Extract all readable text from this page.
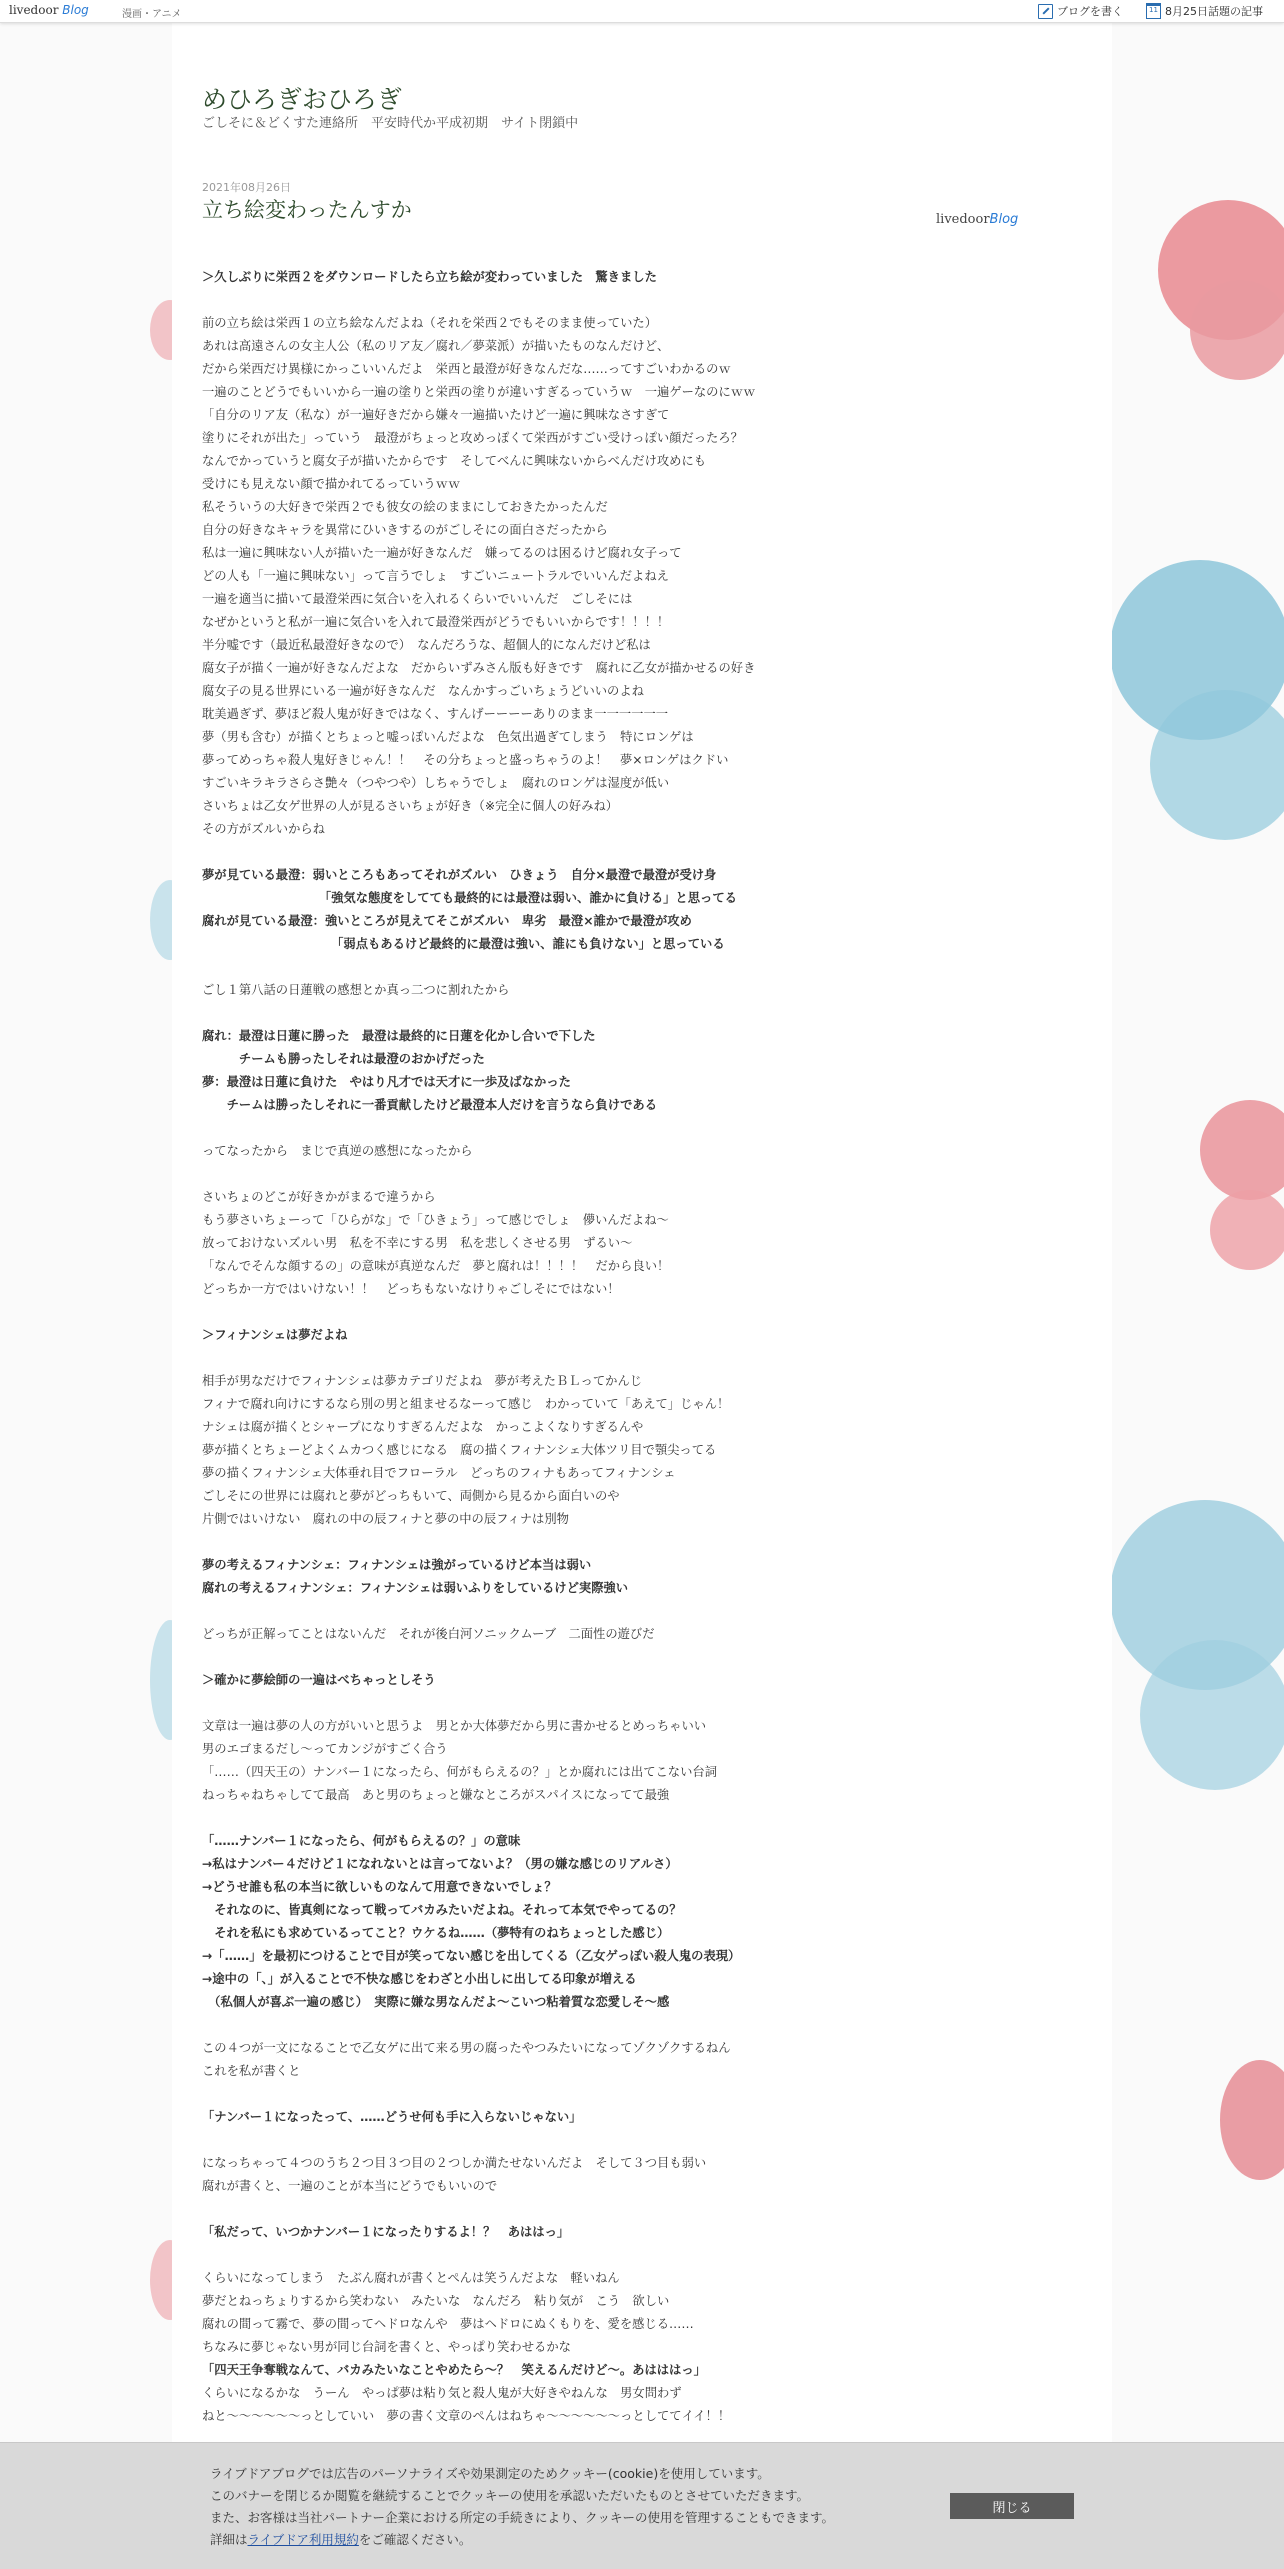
livedoor Blog	漫画・アニメ	ブログを書く	11 8月25日話題の記事
めひろぎおひろぎ
ごしそに＆どくすた連絡所　平安時代か平成初期　サイト閉鎖中
2021年08月26日
立ち絵変わったんすか	livedoorBlog
＞久しぶりに栄西２をダウンロードしたら立ち絵が変わっていました　驚きました
前の立ち絵は栄西１の立ち絵なんだよね（それを栄西２でもそのまま使っていた）
あれは高遠さんの女主人公（私のリア友／腐れ／夢菜派）が描いたものなんだけど、
だから栄西だけ異様にかっこいいんだよ　栄西と最澄が好きなんだな……ってすごいわかるのｗ
一遍のことどうでもいいから一遍の塗りと栄西の塗りが違いすぎるっていうｗ　一遍ゲーなのにｗｗ
「自分のリア友（私な）が一遍好きだから嫌々一遍描いたけど一遍に興味なさすぎて
塗りにそれが出た」っていう　最澄がちょっと攻めっぽくて栄西がすごい受けっぽい顔だったろ？
なんでかっていうと腐女子が描いたからです　そしてべんに興味ないからべんだけ攻めにも
受けにも見えない顔で描かれてるっていうｗｗ
私そういうの大好きで栄西２でも彼女の絵のままにしておきたかったんだ
自分の好きなキャラを異常にひいきするのがごしそにの面白さだったから
私は一遍に興味ない人が描いた一遍が好きなんだ　嫌ってるのは困るけど腐れ女子って
どの人も「一遍に興味ない」って言うでしょ　すごいニュートラルでいいんだよねえ
一遍を適当に描いて最澄栄西に気合いを入れるくらいでいいんだ　ごしそには
なぜかというと私が一遍に気合いを入れて最澄栄西がどうでもいいからです！！！！
半分嘘です（最近私最澄好きなので）　なんだろうな、超個人的になんだけど私は
腐女子が描く一遍が好きなんだよな　だからいずみさん版も好きです　腐れに乙女が描かせるの好き
腐女子の見る世界にいる一遍が好きなんだ　なんかすっごいちょうどいいのよね
耽美過ぎず、夢ほど殺人鬼が好きではなく、すんげーーーーありのまま一一一一一一
夢（男も含む）が描くとちょっと嘘っぽいんだよな　色気出過ぎてしまう　特にロンゲは
夢ってめっちゃ殺人鬼好きじゃん！！　その分ちょっと盛っちゃうのよ！　夢×ロンゲはクドい
すごいキラキラさらさ艶々（つやつや）しちゃうでしょ　腐れのロンゲは湿度が低い
さいちょは乙女ゲ世界の人が見るさいちょが好き（※完全に個人の好みね）
その方がズルいからね
夢が見ている最澄：弱いところもあってそれがズルい　ひきょう　自分×最澄で最澄が受け身
　　　　　　　　　　「強気な態度をしてても最終的には最澄は弱い、誰かに負ける」と思ってる
腐れが見ている最澄：強いところが見えてそこがズルい　卑劣　最澄×誰かで最澄が攻め
　　　　　　　　　　　「弱点もあるけど最終的に最澄は強い、誰にも負けない」と思っている
ごし１第八話の日蓮戦の感想とか真っ二つに割れたから
腐れ：最澄は日蓮に勝った　最澄は最終的に日蓮を化かし合いで下した
　　　チームも勝ったしそれは最澄のおかげだった
夢：最澄は日蓮に負けた　やはり凡才では天才に一歩及ばなかった
　　チームは勝ったしそれに一番貢献したけど最澄本人だけを言うなら負けである
ってなったから　まじで真逆の感想になったから
さいちょのどこが好きかがまるで違うから
もう夢さいちょーって「ひらがな」で「ひきょう」って感じでしょ　儚いんだよね～
放っておけないズルい男　私を不幸にする男　私を悲しくさせる男　ずるい～
「なんでそんな顔するの」の意味が真逆なんだ　夢と腐れは！！！！　だから良い！
どっちか一方ではいけない！！　どっちもないなけりゃごしそにではない！
＞フィナンシェは夢だよね
相手が男なだけでフィナンシェは夢カテゴリだよね　夢が考えたＢＬってかんじ
フィナで腐れ向けにするなら別の男と組ませるなーって感じ　わかっていて「あえて」じゃん！
ナシェは腐が描くとシャープになりすぎるんだよな　かっこよくなりすぎるんや
夢が描くとちょーどよくムカつく感じになる　腐の描くフィナンシェ大体ツリ目で顎尖ってる
夢の描くフィナンシェ大体垂れ目でフローラル　どっちのフィナもあってフィナンシェ
ごしそにの世界には腐れと夢がどっちもいて、両側から見るから面白いのや
片側ではいけない　腐れの中の辰フィナと夢の中の辰フィナは別物
夢の考えるフィナンシェ：フィナンシェは強がっているけど本当は弱い
腐れの考えるフィナンシェ：フィナンシェは弱いふりをしているけど実際強い
どっちが正解ってことはないんだ　それが後白河ソニックムーブ　二面性の遊びだ
＞確かに夢絵師の一遍はべちゃっとしそう
文章は一遍は夢の人の方がいいと思うよ　男とか大体夢だから男に書かせるとめっちゃいい
男のエゴまるだし～ってカンジがすごく合う
「……（四天王の）ナンバー１になったら、何がもらえるの？」とか腐れには出てこない台詞
ねっちゃねちゃしてて最高　あと男のちょっと嫌なところがスパイスになってて最強
「……ナンバー１になったら、何がもらえるの？」の意味
→私はナンバー４だけど１になれないとは言ってないよ？（男の嫌な感じのリアルさ）
→どうせ誰も私の本当に欲しいものなんて用意できないでしょ？
　それなのに、皆真剣になって戦ってバカみたいだよね。それって本気でやってるの？
　それを私にも求めているってこと？ウケるね……（夢特有のねちょっとした感じ）
→「……」を最初につけることで目が笑ってない感じを出してくる（乙女ゲっぽい殺人鬼の表現）
→途中の「、」が入ることで不快な感じをわざと小出しに出してる印象が増える
　（私個人が喜ぶ一遍の感じ）　実際に嫌な男なんだよ～こいつ粘着質な恋愛しそ～感
この４つが一文になることで乙女ゲに出て来る男の腐ったやつみたいになってゾクゾクするねん
これを私が書くと
「ナンバー１になったって、……どうせ何も手に入らないじゃない」
になっちゃって４つのうち２つ目３つ目の２つしか満たせないんだよ　そして３つ目も弱い
腐れが書くと、一遍のことが本当にどうでもいいので
「私だって、いつかナンバー１になったりするよ！？　あははっ」
くらいになってしまう　たぶん腐れが書くとぺんは笑うんだよな　軽いねん
夢だとねっちょりするから笑わない　みたいな　なんだろ　粘り気が　こう　欲しい
腐れの間って霧で、夢の間ってヘドロなんや　夢はヘドロにぬくもりを、愛を感じる……
ちなみに夢じゃない男が同じ台詞を書くと、やっぱり笑わせるかな
「四天王争奪戦なんて、バカみたいなことやめたら～？　笑えるんだけど～。あはははっ」
くらいになるかな　うーん　やっぱ夢は粘り気と殺人鬼が大好きやねんな　男女問わず
ねと～～～～～～っとしていい　夢の書く文章のぺんはねちゃ～～～～～～っとしててイイ！！
ライブドアブログでは広告のパーソナライズや効果測定のためクッキー(cookie)を使用しています。
このバナーを閉じるか閲覧を継続することでクッキーの使用を承認いただいたものとさせていただきます。
また、お客様は当社パートナー企業における所定の手続きにより、クッキーの使用を管理することもできます。
詳細はライブドア利用規約をご確認ください。
閉じる
